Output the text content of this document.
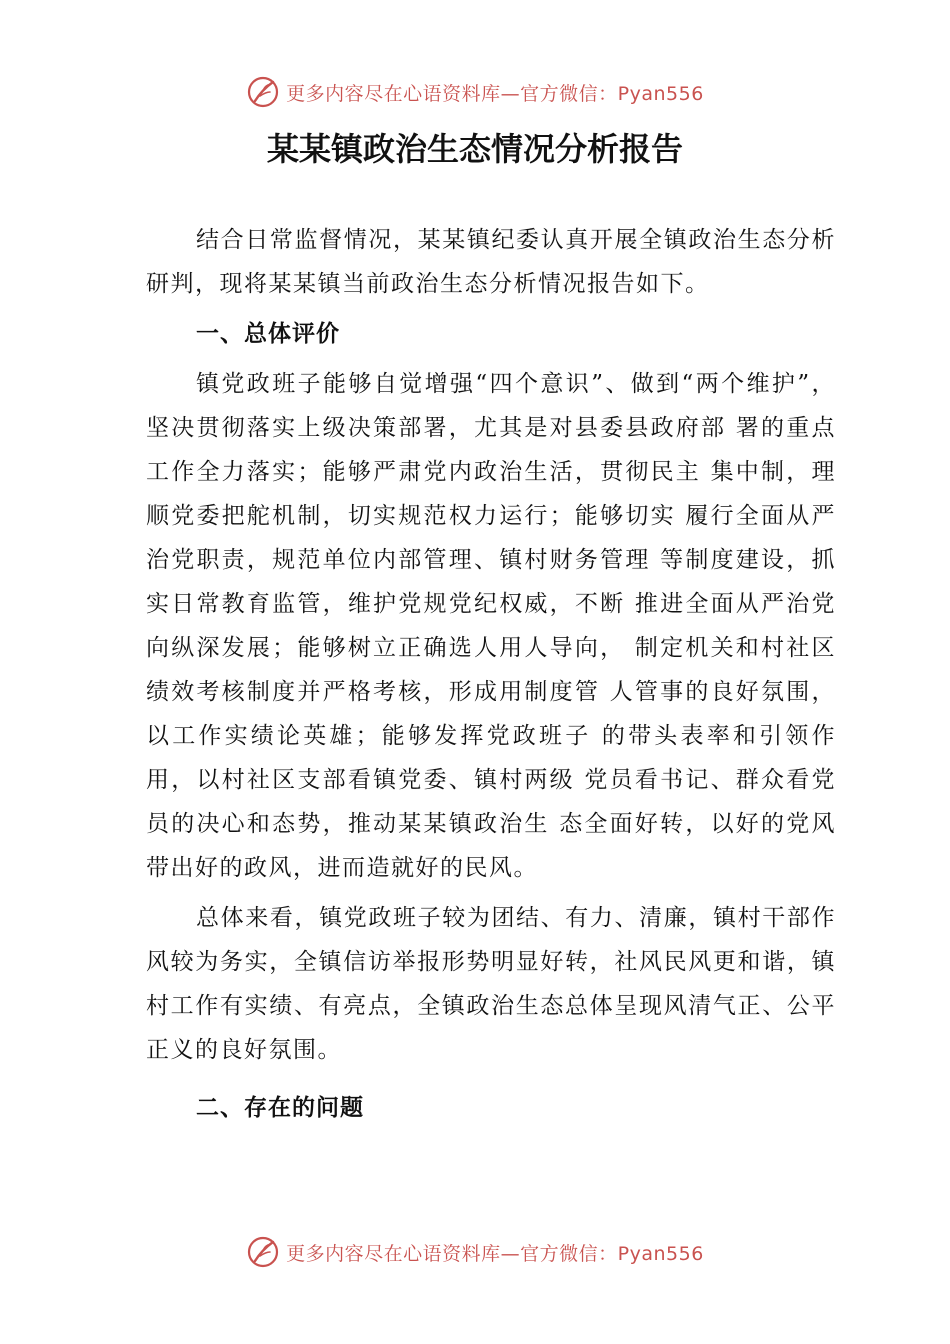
更多内容尽在心语资料库—官方微信：Pyan556
某某镇政治生态情况分析报告

结合日常监督情况，某某镇纪委认真开展全镇政治生态分析研判，现将某某镇当前政治生态分析情况报告如下。

一、总体评价

镇党政班子能够自觉增强“四个意识”、做到“两个维护”，坚决贯彻落实上级决策部署，尤其是对县委县政府部 署的重点工作全力落实；能够严肃党内政治生活，贯彻民主 集中制，理顺党委把舵机制，切实规范权力运行；能够切实 履行全面从严治党职责，规范单位内部管理、镇村财务管理 等制度建设，抓实日常教育监管，维护党规党纪权威，不断 推进全面从严治党向纵深发展；能够树立正确选人用人导向， 制定机关和村社区绩效考核制度并严格考核，形成用制度管 人管事的良好氛围，以工作实绩论英雄；能够发挥党政班子 的带头表率和引领作用，以村社区支部看镇党委、镇村两级 党员看书记、群众看党员的决心和态势，推动某某镇政治生 态全面好转，以好的党风带出好的政风，进而造就好的民风。

总体来看，镇党政班子较为团结、有力、清廉，镇村干部作风较为务实，全镇信访举报形势明显好转，社风民风更和谐，镇村工作有实绩、有亮点，全镇政治生态总体呈现风清气正、公平正义的良好氛围。

二、存在的问题

更多内容尽在心语资料库—官方微信：Pyan556
